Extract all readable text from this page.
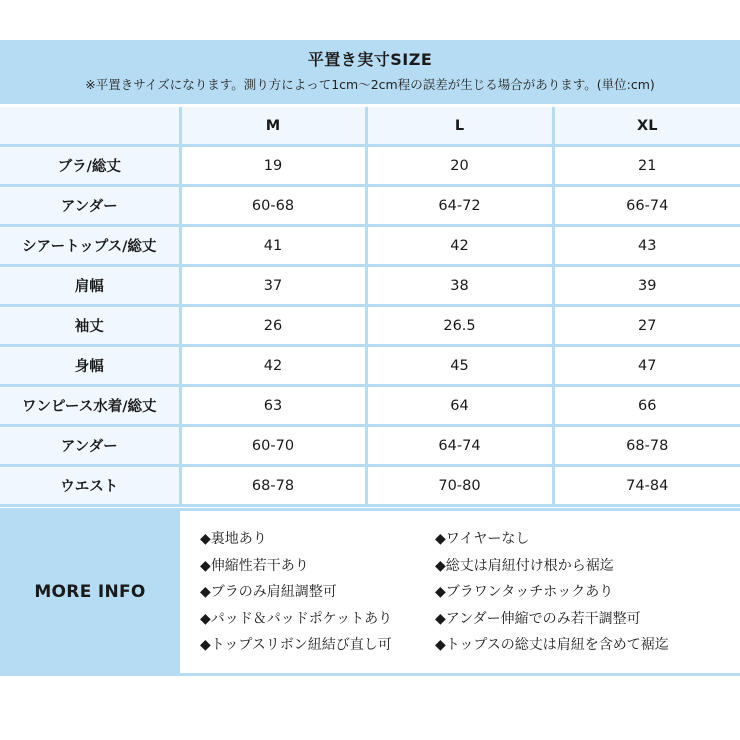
平置き実寸SIZE
※平置きサイズになります。測り方によって1cm～2cm程の誤差が生じる場合があります。(単位:cm)
	M	L	XL
ブラ/総丈	19	20	21
アンダー	60-68	64-72	66-74
シアートップス/総丈	41	42	43
肩幅	37	38	39
袖丈	26	26.5	27
身幅	42	45	47
ワンピース水着/総丈	63	64	66
アンダー	60-70	64-74	68-78
ウエスト	68-78	70-80	74-84
MORE INFO
◆裏地あり	◆ワイヤーなし
◆伸縮性若干あり	◆総丈は肩紐付け根から裾迄
◆ブラのみ肩紐調整可	◆ブラワンタッチホックあり
◆パッド＆パッドポケットあり	◆アンダー伸縮でのみ若干調整可
◆トップスリボン紐結び直し可	◆トップスの総丈は肩紐を含めて裾迄
